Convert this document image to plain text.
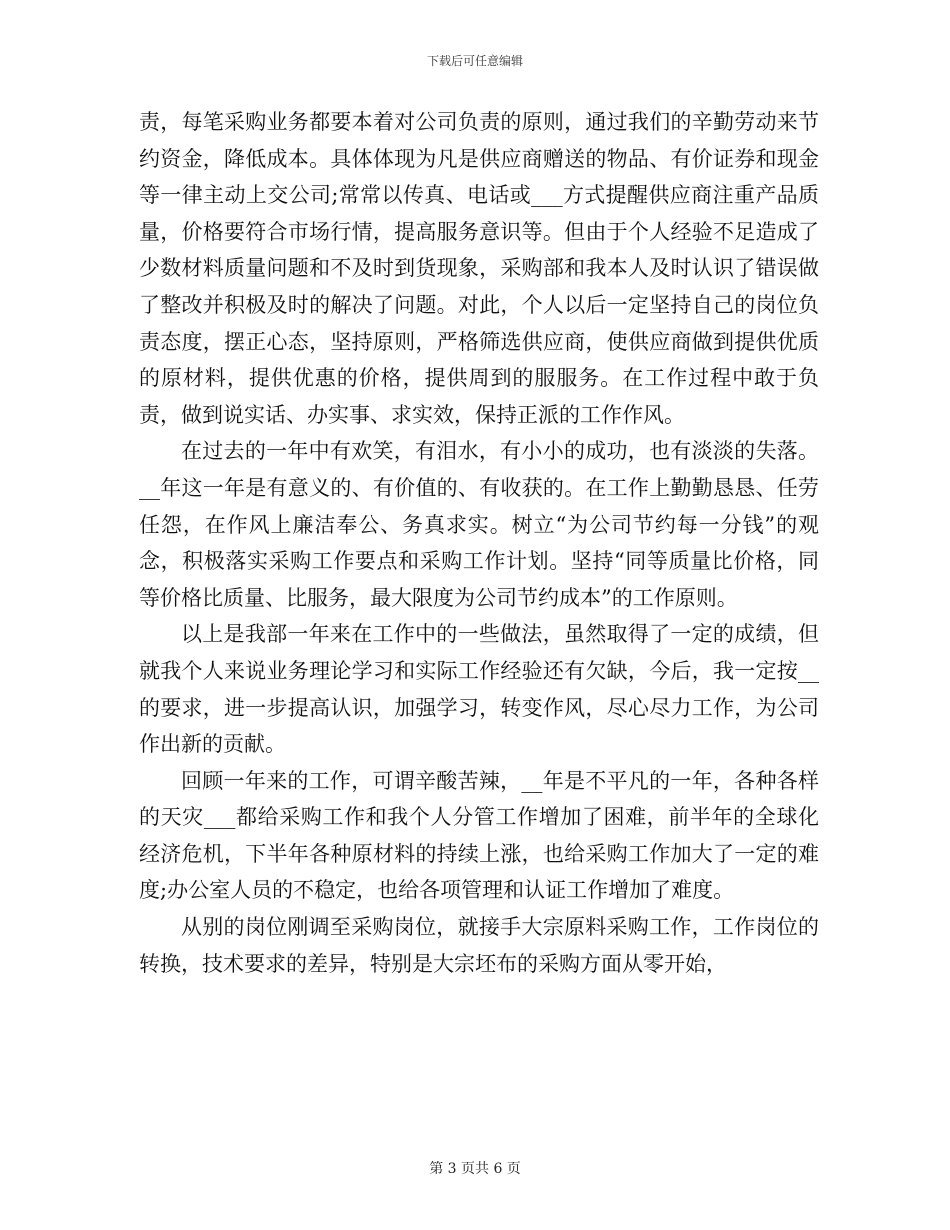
下载后可任意编辑

责，每笔采购业务都要本着对公司负责的原则，通过我们的辛勤劳动来节约资金，降低成本。具体体现为凡是供应商赠送的物品、有价证券和现金等一律主动上交公司;常常以传真、电话或___方式提醒供应商注重产品质量，价格要符合市场行情，提高服务意识等。但由于个人经验不足造成了少数材料质量问题和不及时到货现象，采购部和我本人及时认识了错误做了整改并积极及时的解决了问题。对此，个人以后一定坚持自己的岗位负责态度，摆正心态，坚持原则，严格筛选供应商，使供应商做到提供优质的原材料，提供优惠的价格，提供周到的服服务。在工作过程中敢于负责，做到说实话、办实事、求实效，保持正派的工作作风。

在过去的一年中有欢笑，有泪水，有小小的成功，也有淡淡的失落。__年这一年是有意义的、有价值的、有收获的。在工作上勤勤恳恳、任劳任怨，在作风上廉洁奉公、务真求实。树立“为公司节约每一分钱”的观念，积极落实采购工作要点和采购工作计划。坚持“同等质量比价格，同等价格比质量、比服务，最大限度为公司节约成本”的工作原则。

以上是我部一年来在工作中的一些做法，虽然取得了一定的成绩，但就我个人来说业务理论学习和实际工作经验还有欠缺，今后，我一定按__的要求，进一步提高认识，加强学习，转变作风，尽心尽力工作，为公司作出新的贡献。

回顾一年来的工作，可谓辛酸苦辣，__年是不平凡的一年，各种各样的天灾___都给采购工作和我个人分管工作增加了困难，前半年的全球化经济危机，下半年各种原材料的持续上涨，也给采购工作加大了一定的难度;办公室人员的不稳定，也给各项管理和认证工作增加了难度。

从别的岗位刚调至采购岗位，就接手大宗原料采购工作，工作岗位的转换，技术要求的差异，特别是大宗坯布的采购方面从零开始，

第 3 页共 6 页
